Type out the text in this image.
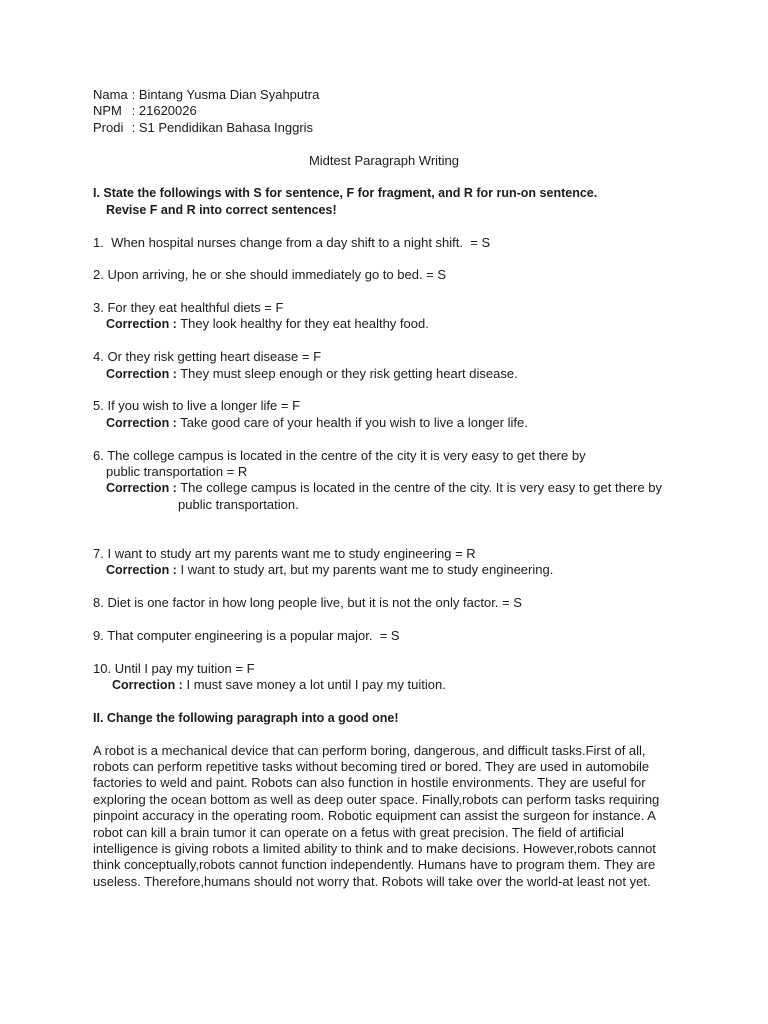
Nama : Bintang Yusma Dian Syahputra
NPM : 21620026
Prodi : S1 Pendidikan Bahasa Inggris
Midtest Paragraph Writing
I. State the followings with S for sentence, F for fragment, and R for run-on sentence.
Revise F and R into correct sentences!
1. When hospital nurses change from a day shift to a night shift. = S
2. Upon arriving, he or she should immediately go to bed. = S
3. For they eat healthful diets = F
Correction : They look healthy for they eat healthy food.
4. Or they risk getting heart disease = F
Correction : They must sleep enough or they risk getting heart disease.
5. If you wish to live a longer life = F
Correction : Take good care of your health if you wish to live a longer life.
6. The college campus is located in the centre of the city it is very easy to get there by
public transportation = R
Correction : The college campus is located in the centre of the city. It is very easy to get there by
public transportation.
7. I want to study art my parents want me to study engineering = R
Correction : I want to study art, but my parents want me to study engineering.
8. Diet is one factor in how long people live, but it is not the only factor. = S
9. That computer engineering is a popular major. = S
10. Until I pay my tuition = F
Correction : I must save money a lot until I pay my tuition.
II. Change the following paragraph into a good one!
A robot is a mechanical device that can perform boring, dangerous, and difficult tasks.First of all,
robots can perform repetitive tasks without becoming tired or bored. They are used in automobile
factories to weld and paint. Robots can also function in hostile environments. They are useful for
exploring the ocean bottom as well as deep outer space. Finally,robots can perform tasks requiring
pinpoint accuracy in the operating room. Robotic equipment can assist the surgeon for instance. A
robot can kill a brain tumor it can operate on a fetus with great precision. The field of artificial
intelligence is giving robots a limited ability to think and to make decisions. However,robots cannot
think conceptually,robots cannot function independently. Humans have to program them. They are
useless. Therefore,humans should not worry that. Robots will take over the world-at least not yet.
